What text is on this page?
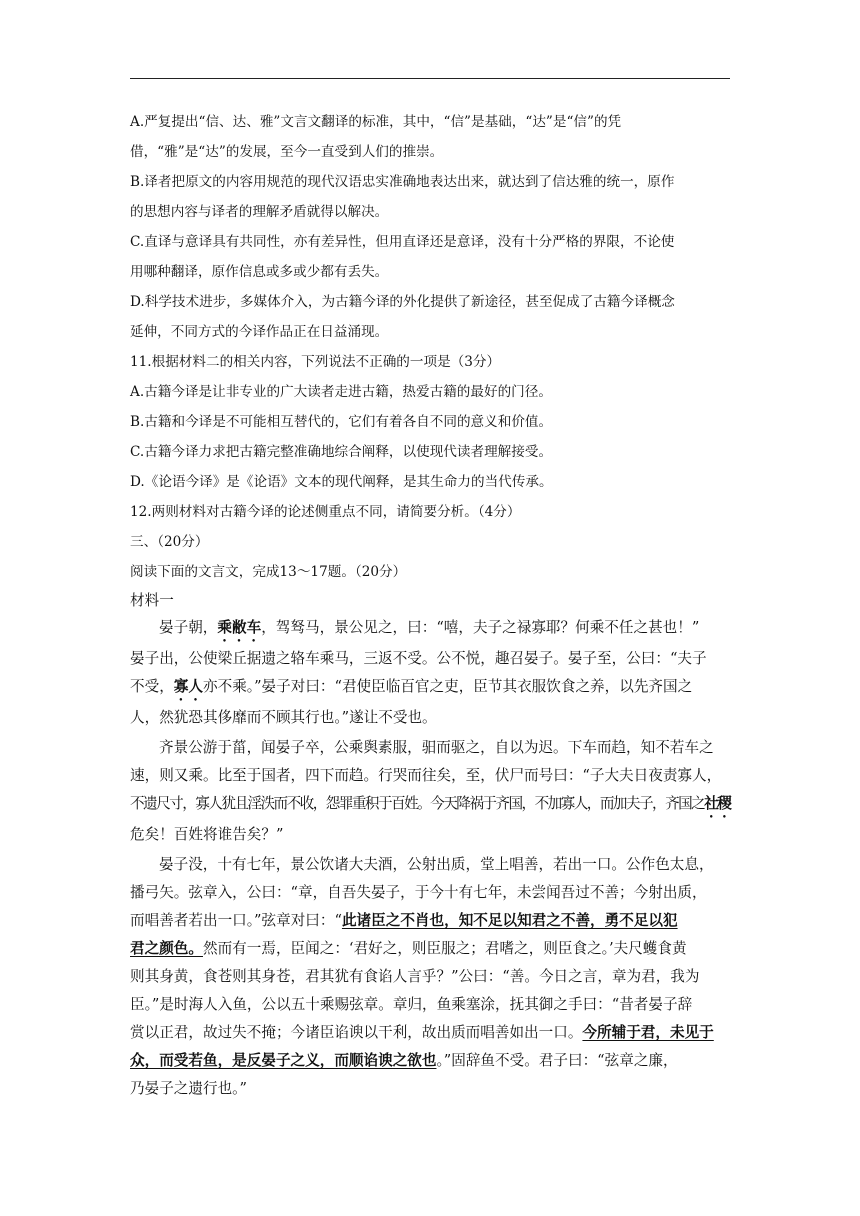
A.严复提出“信、达、雅”文言文翻译的标准，其中，“信”是基础，“达”是“信”的凭
借，“雅”是“达”的发展，至今一直受到人们的推崇。
B.译者把原文的内容用规范的现代汉语忠实准确地表达出来，就达到了信达雅的统一，原作
的思想内容与译者的理解矛盾就得以解决。
C.直译与意译具有共同性，亦有差异性，但用直译还是意译，没有十分严格的界限，不论使
用哪种翻译，原作信息或多或少都有丢失。
D.科学技术进步，多媒体介入，为古籍今译的外化提供了新途径，甚至促成了古籍今译概念
延伸，不同方式的今译作品正在日益涌现。
11.根据材料二的相关内容，下列说法不正确的一项是（3分）
A.古籍今译是让非专业的广大读者走进古籍，热爱古籍的最好的门径。
B.古籍和今译是不可能相互替代的，它们有着各自不同的意义和价值。
C.古籍今译力求把古籍完整准确地综合阐释，以使现代读者理解接受。
D.《论语今译》是《论语》文本的现代阐释，是其生命力的当代传承。
12.两则材料对古籍今译的论述侧重点不同，请简要分析。（4分）
三、（20分）
阅读下面的文言文，完成13～17题。（20分）
材料一
晏子朝，乘敝车，驾驽马，景公见之，曰：“嘻，夫子之禄寡耶？何乘不任之甚也！”
晏子出，公使梁丘据遗之辂车乘马，三返不受。公不悦，趣召晏子。晏子至，公曰：“夫子
不受，寡人亦不乘。”晏子对曰：“君使臣临百官之吏，臣节其衣服饮食之养，以先齐国之
人，然犹恐其侈靡而不顾其行也。”遂让不受也。
齐景公游于菑，闻晏子卒，公乘舆素服，驲而驱之，自以为迟。下车而趋，知不若车之
速，则又乘。比至于国者，四下而趋。行哭而往矣，至，伏尸而号曰：“子大夫日夜责寡人，
不遗尺寸，寡人犹且淫泆而不收，怨罪重积于百姓。今天降祸于齐国，不加寡人，而加夫子，齐国之社稷
危矣！百姓将谁告矣？”
晏子没，十有七年，景公饮诸大夫酒，公射出质，堂上唱善，若出一口。公作色太息，
播弓矢。弦章入，公曰：“章，自吾失晏子，于今十有七年，未尝闻吾过不善；今射出质，
而唱善者若出一口。”弦章对曰：“此诸臣之不肖也，知不足以知君之不善，勇不足以犯
君之颜色。然而有一焉，臣闻之：‘君好之，则臣服之；君嗜之，则臣食之。’夫尺蠖食黄
则其身黄，食苍则其身苍，君其犹有食谄人言乎？”公曰：“善。今日之言，章为君，我为
臣。”是时海人入鱼，公以五十乘赐弦章。章归，鱼乘塞涂，抚其御之手曰：“昔者晏子辞
赏以正君，故过失不掩；今诸臣谄谀以干利，故出质而唱善如出一口。今所辅于君，未见于
众，而受若鱼，是反晏子之义，而顺谄谀之欲也。”固辞鱼不受。君子曰：“弦章之廉，
乃晏子之遗行也。”
